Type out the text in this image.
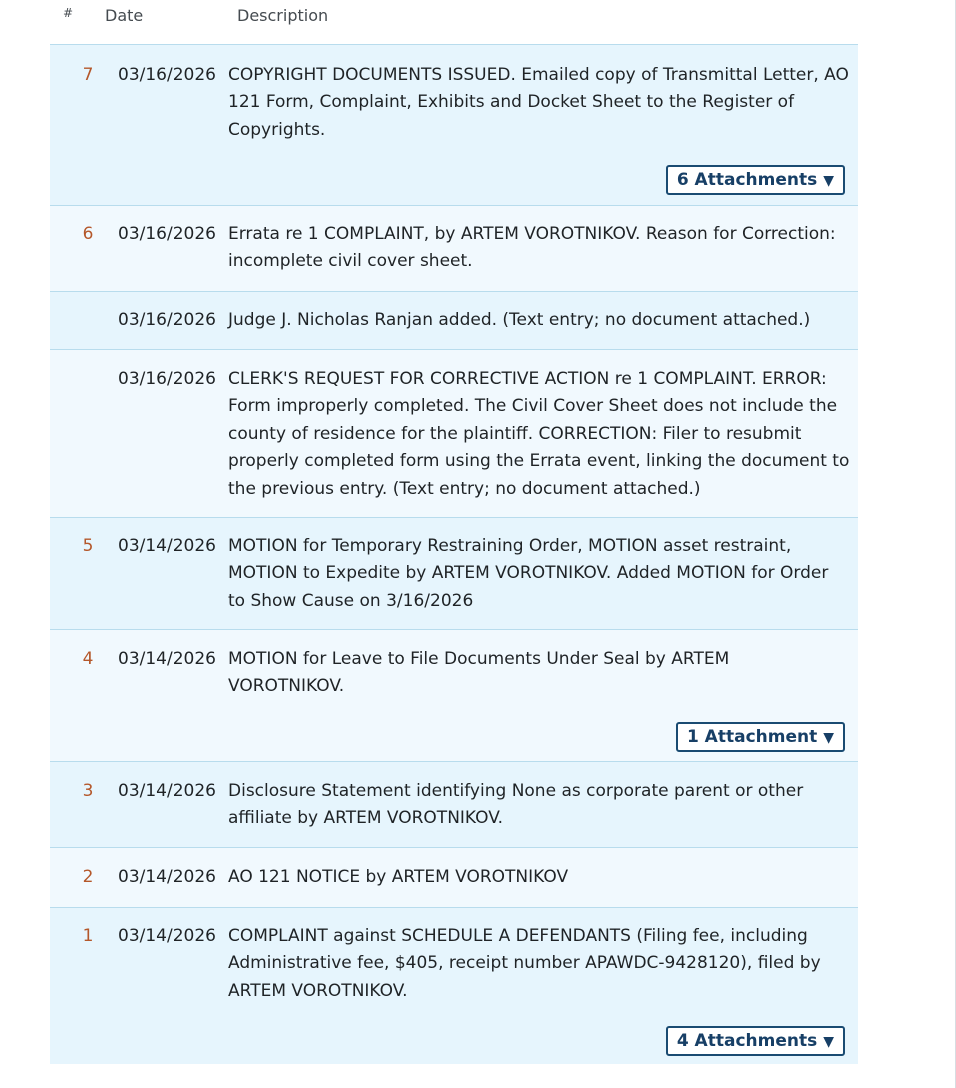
# Date	Description
7 03/16/2026 COPYRIGHT DOCUMENTS ISSUED. Emailed copy of Transmittal Letter, AO 121 Form, Complaint, Exhibits and Docket Sheet to the Register of Copyrights.
6 Attachments ▼
6 03/16/2026 Errata re 1 COMPLAINT, by ARTEM VOROTNIKOV. Reason for Correction: incomplete civil cover sheet.
03/16/2026 Judge J. Nicholas Ranjan added. (Text entry; no document attached.)
03/16/2026 CLERK'S REQUEST FOR CORRECTIVE ACTION re 1 COMPLAINT. ERROR: Form improperly completed. The Civil Cover Sheet does not include the county of residence for the plaintiff. CORRECTION: Filer to resubmit properly completed form using the Errata event, linking the document to the previous entry. (Text entry; no document attached.)
5 03/14/2026 MOTION for Temporary Restraining Order, MOTION asset restraint, MOTION to Expedite by ARTEM VOROTNIKOV. Added MOTION for Order to Show Cause on 3/16/2026
4 03/14/2026 MOTION for Leave to File Documents Under Seal by ARTEM VOROTNIKOV.
1 Attachment ▼
3 03/14/2026 Disclosure Statement identifying None as corporate parent or other affiliate by ARTEM VOROTNIKOV.
2 03/14/2026 AO 121 NOTICE by ARTEM VOROTNIKOV
1 03/14/2026 COMPLAINT against SCHEDULE A DEFENDANTS (Filing fee, including Administrative fee, $405, receipt number APAWDC-9428120), filed by ARTEM VOROTNIKOV.
4 Attachments ▼
